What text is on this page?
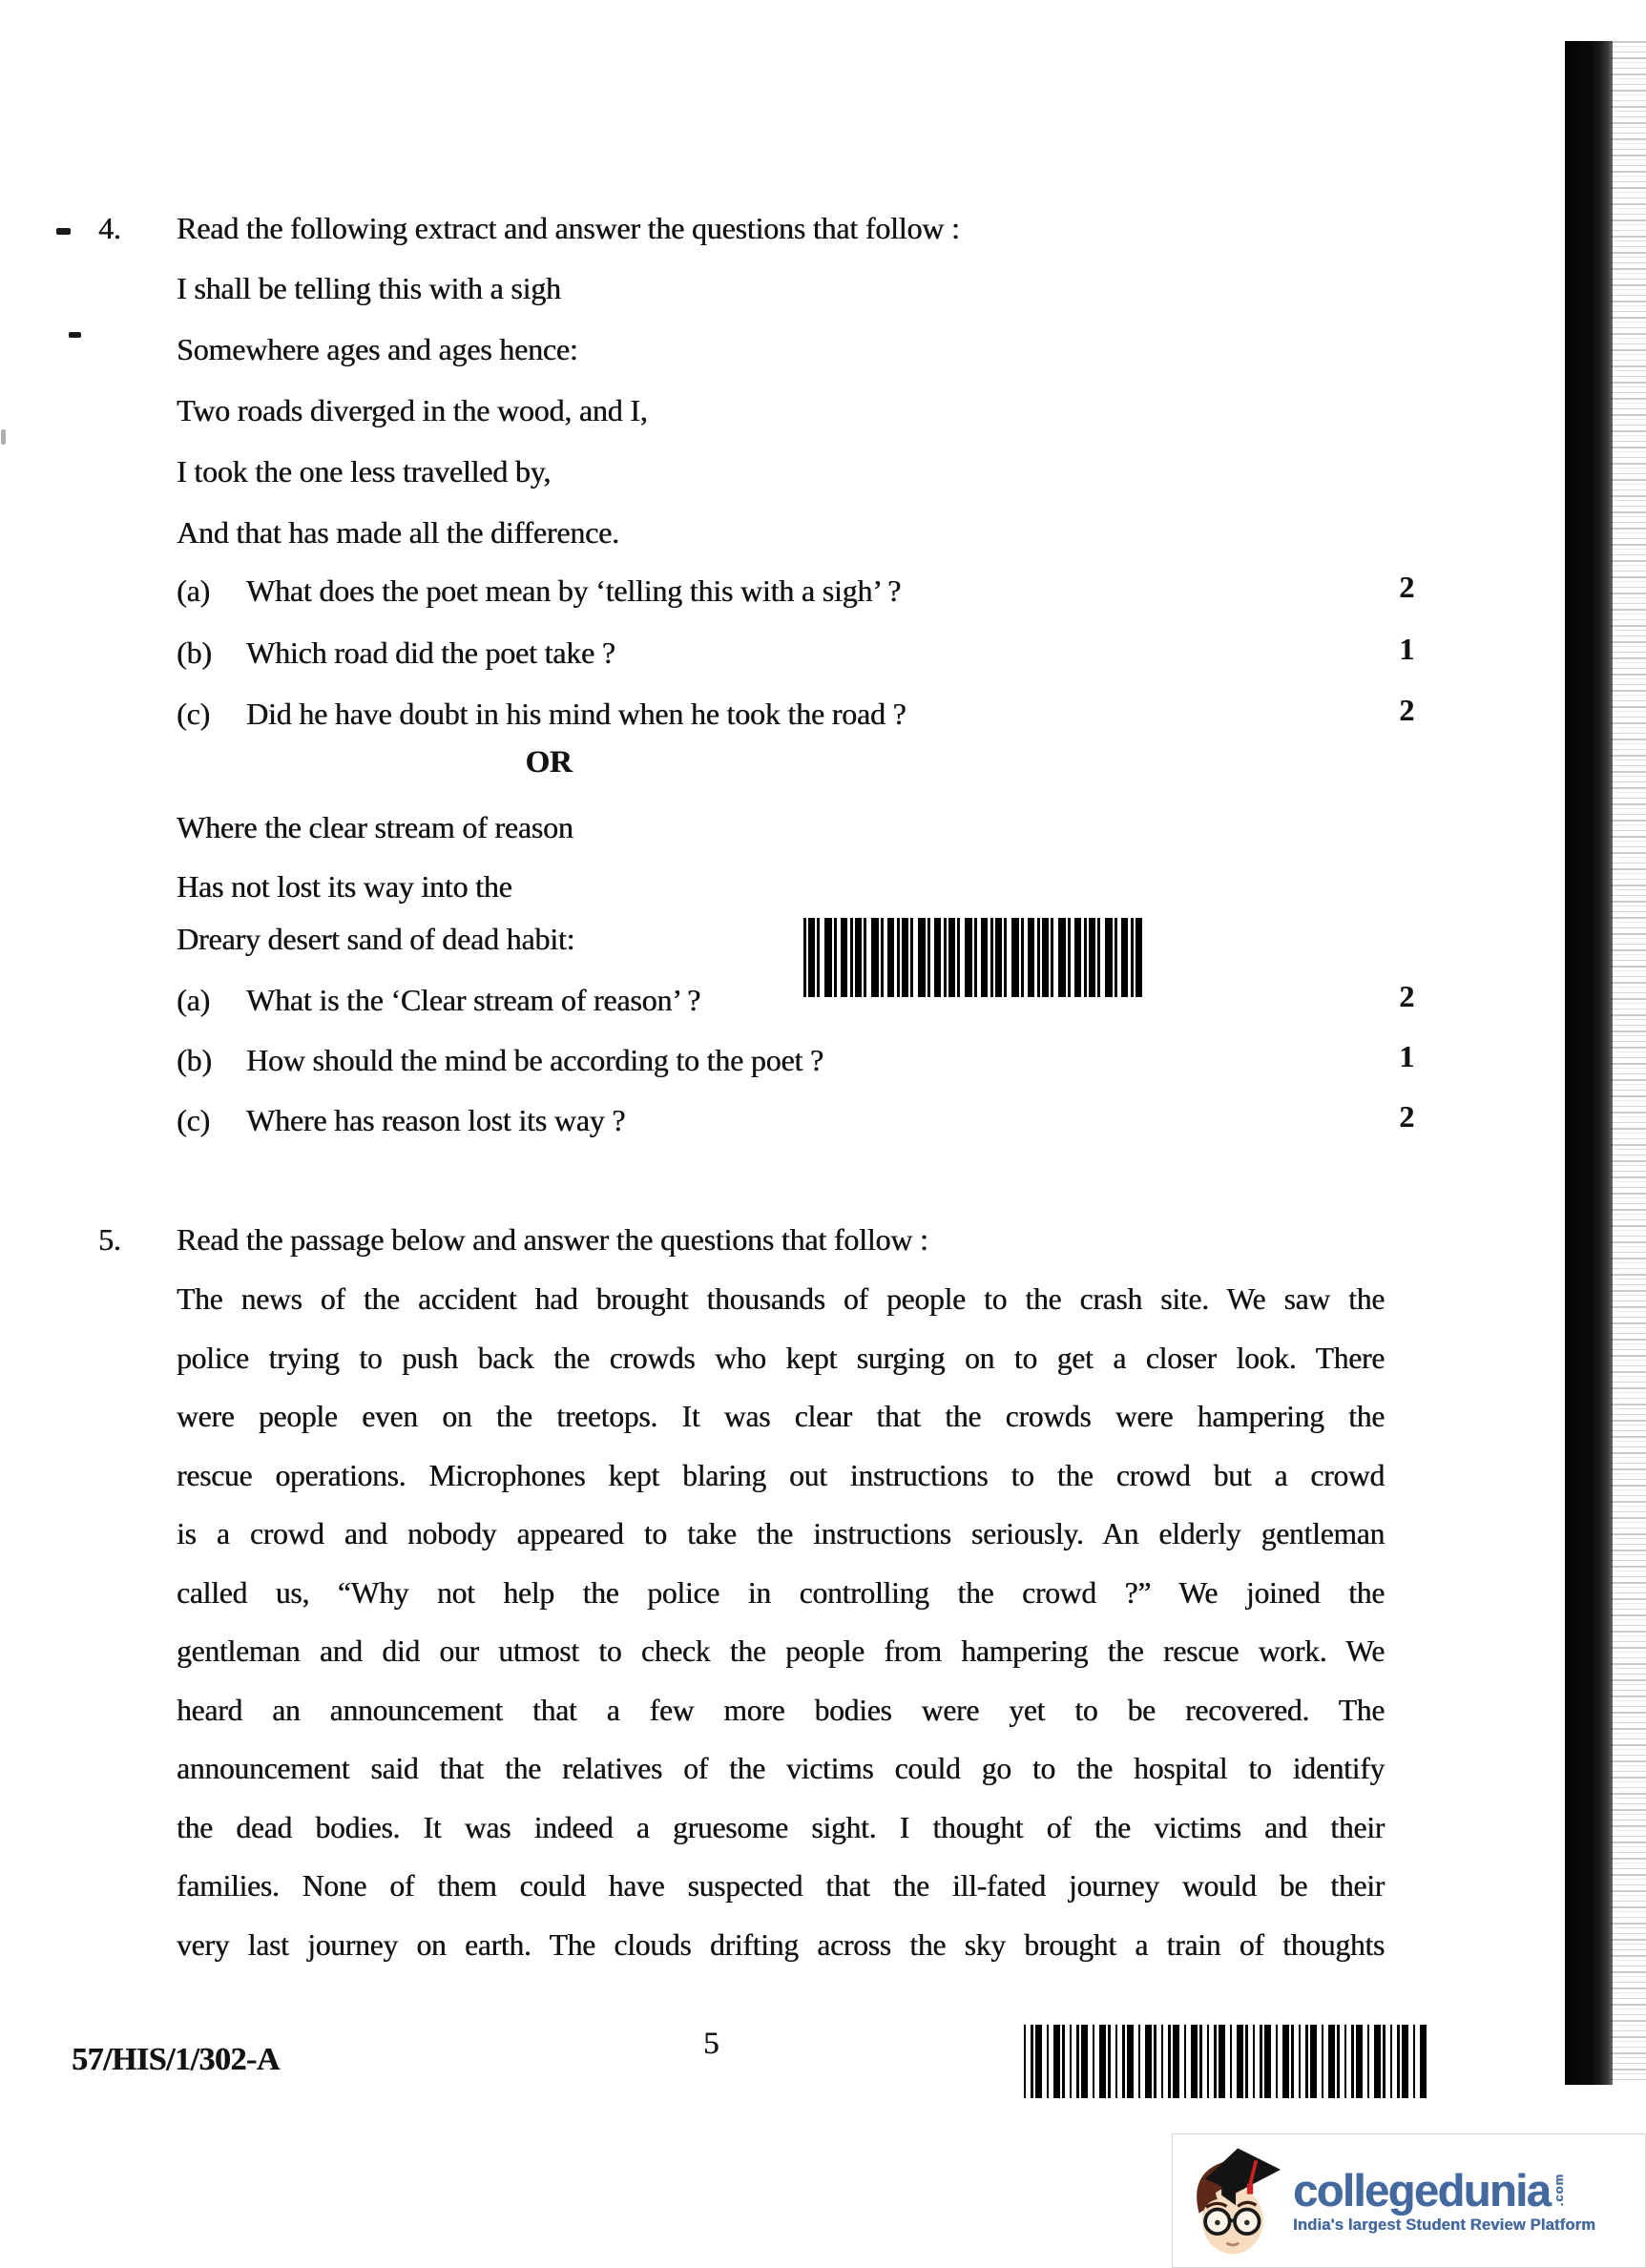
4. Read the following extract and answer the questions that follow :
I shall be telling this with a sigh
Somewhere ages and ages hence:
Two roads diverged in the wood, and I,
I took the one less travelled by,
And that has made all the difference.
(a) What does the poet mean by ‘telling this with a sigh’ ?	2
(b) Which road did the poet take ?	1
(c) Did he have doubt in his mind when he took the road ?	2
OR
Where the clear stream of reason
Has not lost its way into the
Dreary desert sand of dead habit:
(a) What is the ‘Clear stream of reason’ ?	2
(b) How should the mind be according to the poet ?	1
(c) Where has reason lost its way ?	2
5. Read the passage below and answer the questions that follow :
The news of the accident had brought thousands of people to the crash site. We saw the
police trying to push back the crowds who kept surging on to get a closer look. There
were people even on the treetops. It was clear that the crowds were hampering the
rescue operations. Microphones kept blaring out instructions to the crowd but a crowd
is a crowd and nobody appeared to take the instructions seriously. An elderly gentleman
called us, “Why not help the police in controlling the crowd ?” We joined the
gentleman and did our utmost to check the people from hampering the rescue work. We
heard an announcement that a few more bodies were yet to be recovered. The
announcement said that the relatives of the victims could go to the hospital to identify
the dead bodies. It was indeed a gruesome sight. I thought of the victims and their
families. None of them could have suspected that the ill-fated journey would be their
very last journey on earth. The clouds drifting across the sky brought a train of thoughts
57/HIS/1/302-A	5
collegedunia .com
India's largest Student Review Platform
